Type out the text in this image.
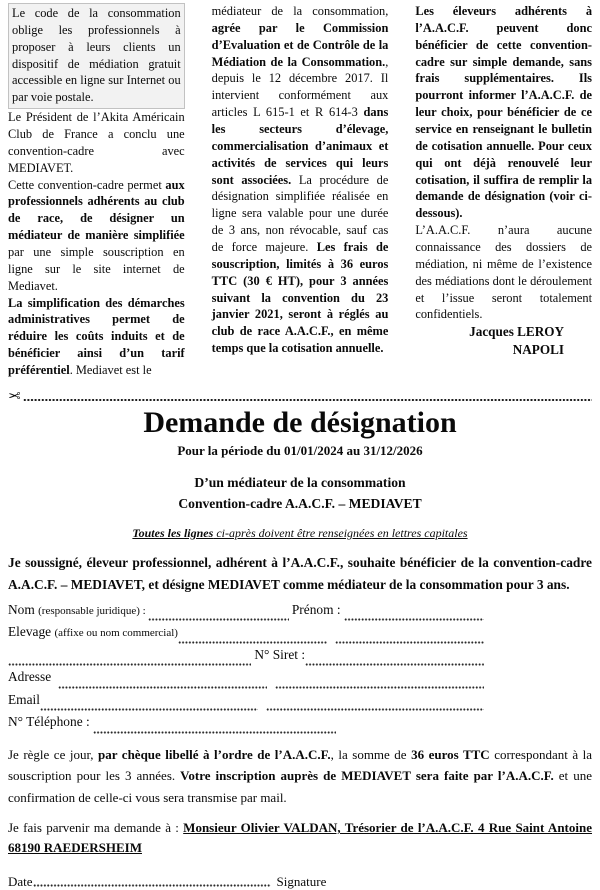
Le code de la consommation oblige les professionnels à proposer à leurs clients un dispositif de médiation gratuit accessible en ligne sur Internet ou par voie postale.

Le Président de l’Akita Américain Club de France a conclu une convention-cadre avec MEDIAVET.

Cette convention-cadre permet aux professionnels adhérents au club de race, de désigner un médiateur de manière simplifiée par une simple souscription en ligne sur le site internet de Mediavet.

La simplification des démarches administratives permet de réduire les coûts induits et de bénéficier ainsi d’un tarif préférentiel. Mediavet est le

médiateur de la consommation, agrée par le Commission d’Evaluation et de Contrôle de la Médiation de la Consommation., depuis le 12 décembre 2017. Il intervient conformément aux articles L 615-1 et R 614-3 dans les secteurs d’élevage, commercialisation d’animaux et activités de services qui leurs sont associées. La procédure de désignation simplifiée réalisée en ligne sera valable pour une durée de 3 ans, non révocable, sauf cas de force majeure. Les frais de souscription, limités à 36 euros TTC (30 € HT), pour 3 années suivant la convention du 23 janvier 2021, seront à réglés au club de race A.A.C.F., en même temps que la cotisation annuelle.

Les éleveurs adhérents à l’A.A.C.F. peuvent donc bénéficier de cette convention-cadre sur simple demande, sans frais supplémentaires. Ils pourront informer l’A.A.C.F. de leur choix, pour bénéficier de ce service en renseignant le bulletin de cotisation annuelle. Pour ceux qui ont déjà renouvelé leur cotisation, il suffira de remplir la demande de désignation (voir ci-dessous).

L’A.A.C.F. n’aura aucune connaissance des dossiers de médiation, ni même de l’existence des médiations dont le déroulement et l’issue seront totalement confidentiels.

Jacques LEROY NAPOLI

✂
Demande de désignation
Pour la période du 01/01/2024 au 31/12/2026
D’un médiateur de la consommation
Convention-cadre A.A.C.F. – MEDIAVET
Toutes les lignes ci-après doivent être renseignées en lettres capitales

Je soussigné, éleveur professionnel, adhérent à l’A.A.C.F., souhaite bénéficier de la convention-cadre A.A.C.F. – MEDIAVET, et désigne MEDIAVET comme médiateur de la consommation pour 3 ans.

Nom (responsable juridique) :	Prénom :
Elevage (affixe ou nom commercial)
N° Siret :
Adresse
Email
N° Téléphone :

Je règle ce jour, par chèque libellé à l’ordre de l’A.A.C.F., la somme de 36 euros TTC correspondant à la souscription pour les 3 années. Votre inscription auprès de MEDIAVET sera faite par l’A.A.C.F. et une confirmation de celle-ci vous sera transmise par mail.

Je fais parvenir ma demande à : Monsieur Olivier VALDAN, Trésorier de l’A.A.C.F. 4 Rue Saint Antoine 68190 RAEDERSHEIM

Date	Signature
